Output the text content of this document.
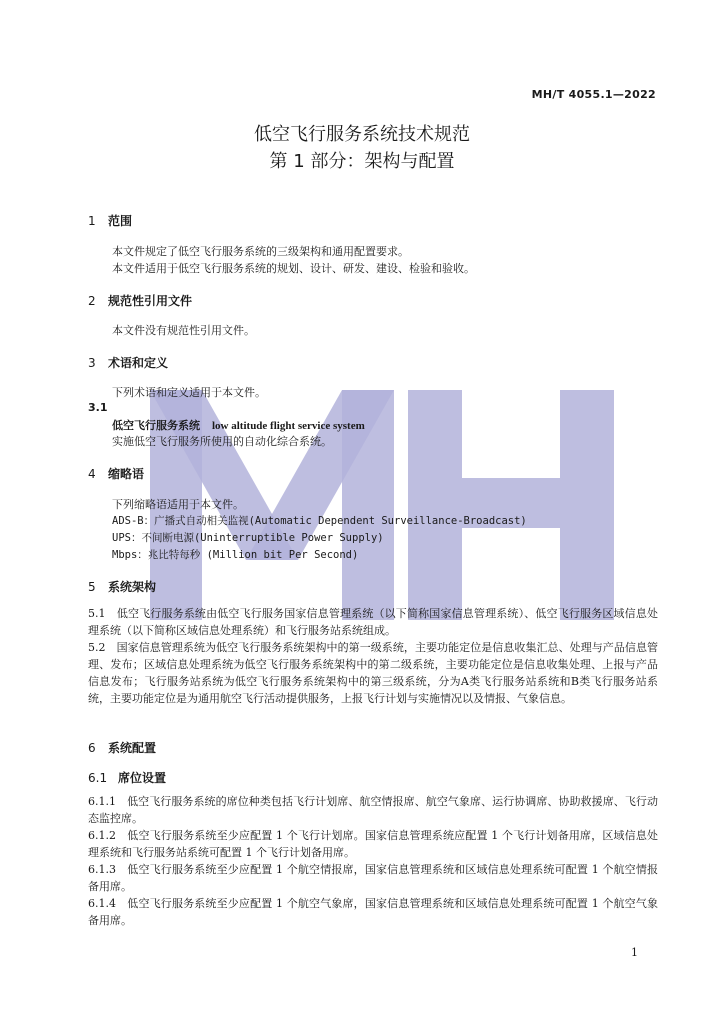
MH/T 4055.1—2022
低空飞行服务系统技术规范
第 1 部分：架构与配置
1 范围
本文件规定了低空飞行服务系统的三级架构和通用配置要求。
本文件适用于低空飞行服务系统的规划、设计、研发、建设、检验和验收。
2 规范性引用文件
本文件没有规范性引用文件。
3 术语和定义
下列术语和定义适用于本文件。
3.1
低空飞行服务系统 low altitude flight service system
实施低空飞行服务所使用的自动化综合系统。
4 缩略语
下列缩略语适用于本文件。
ADS-B：广播式自动相关监视(Automatic Dependent Surveillance-Broadcast)
UPS：不间断电源(Uninterruptible Power Supply)
Mbps：兆比特每秒 (Million bit Per Second)
5 系统架构
5.1　低空飞行服务系统由低空飞行服务国家信息管理系统（以下简称国家信息管理系统）、低空飞行服务区域信息处理系统（以下简称区域信息处理系统）和飞行服务站系统组成。
5.2　国家信息管理系统为低空飞行服务系统架构中的第一级系统，主要功能定位是信息收集汇总、处理与产品信息管理、发布；区域信息处理系统为低空飞行服务系统架构中的第二级系统，主要功能定位是信息收集处理、上报与产品信息发布；飞行服务站系统为低空飞行服务系统架构中的第三级系统，分为A类飞行服务站系统和B类飞行服务站系统，主要功能定位是为通用航空飞行活动提供服务，上报飞行计划与实施情况以及情报、气象信息。
6 系统配置
6.1 席位设置
6.1.1　低空飞行服务系统的席位种类包括飞行计划席、航空情报席、航空气象席、运行协调席、协助救援席、飞行动态监控席。
6.1.2　低空飞行服务系统至少应配置 1 个飞行计划席。国家信息管理系统应配置 1 个飞行计划备用席，区域信息处理系统和飞行服务站系统可配置 1 个飞行计划备用席。
6.1.3　低空飞行服务系统至少应配置 1 个航空情报席，国家信息管理系统和区域信息处理系统可配置 1 个航空情报备用席。
6.1.4　低空飞行服务系统至少应配置 1 个航空气象席，国家信息管理系统和区域信息处理系统可配置 1 个航空气象备用席。
1
